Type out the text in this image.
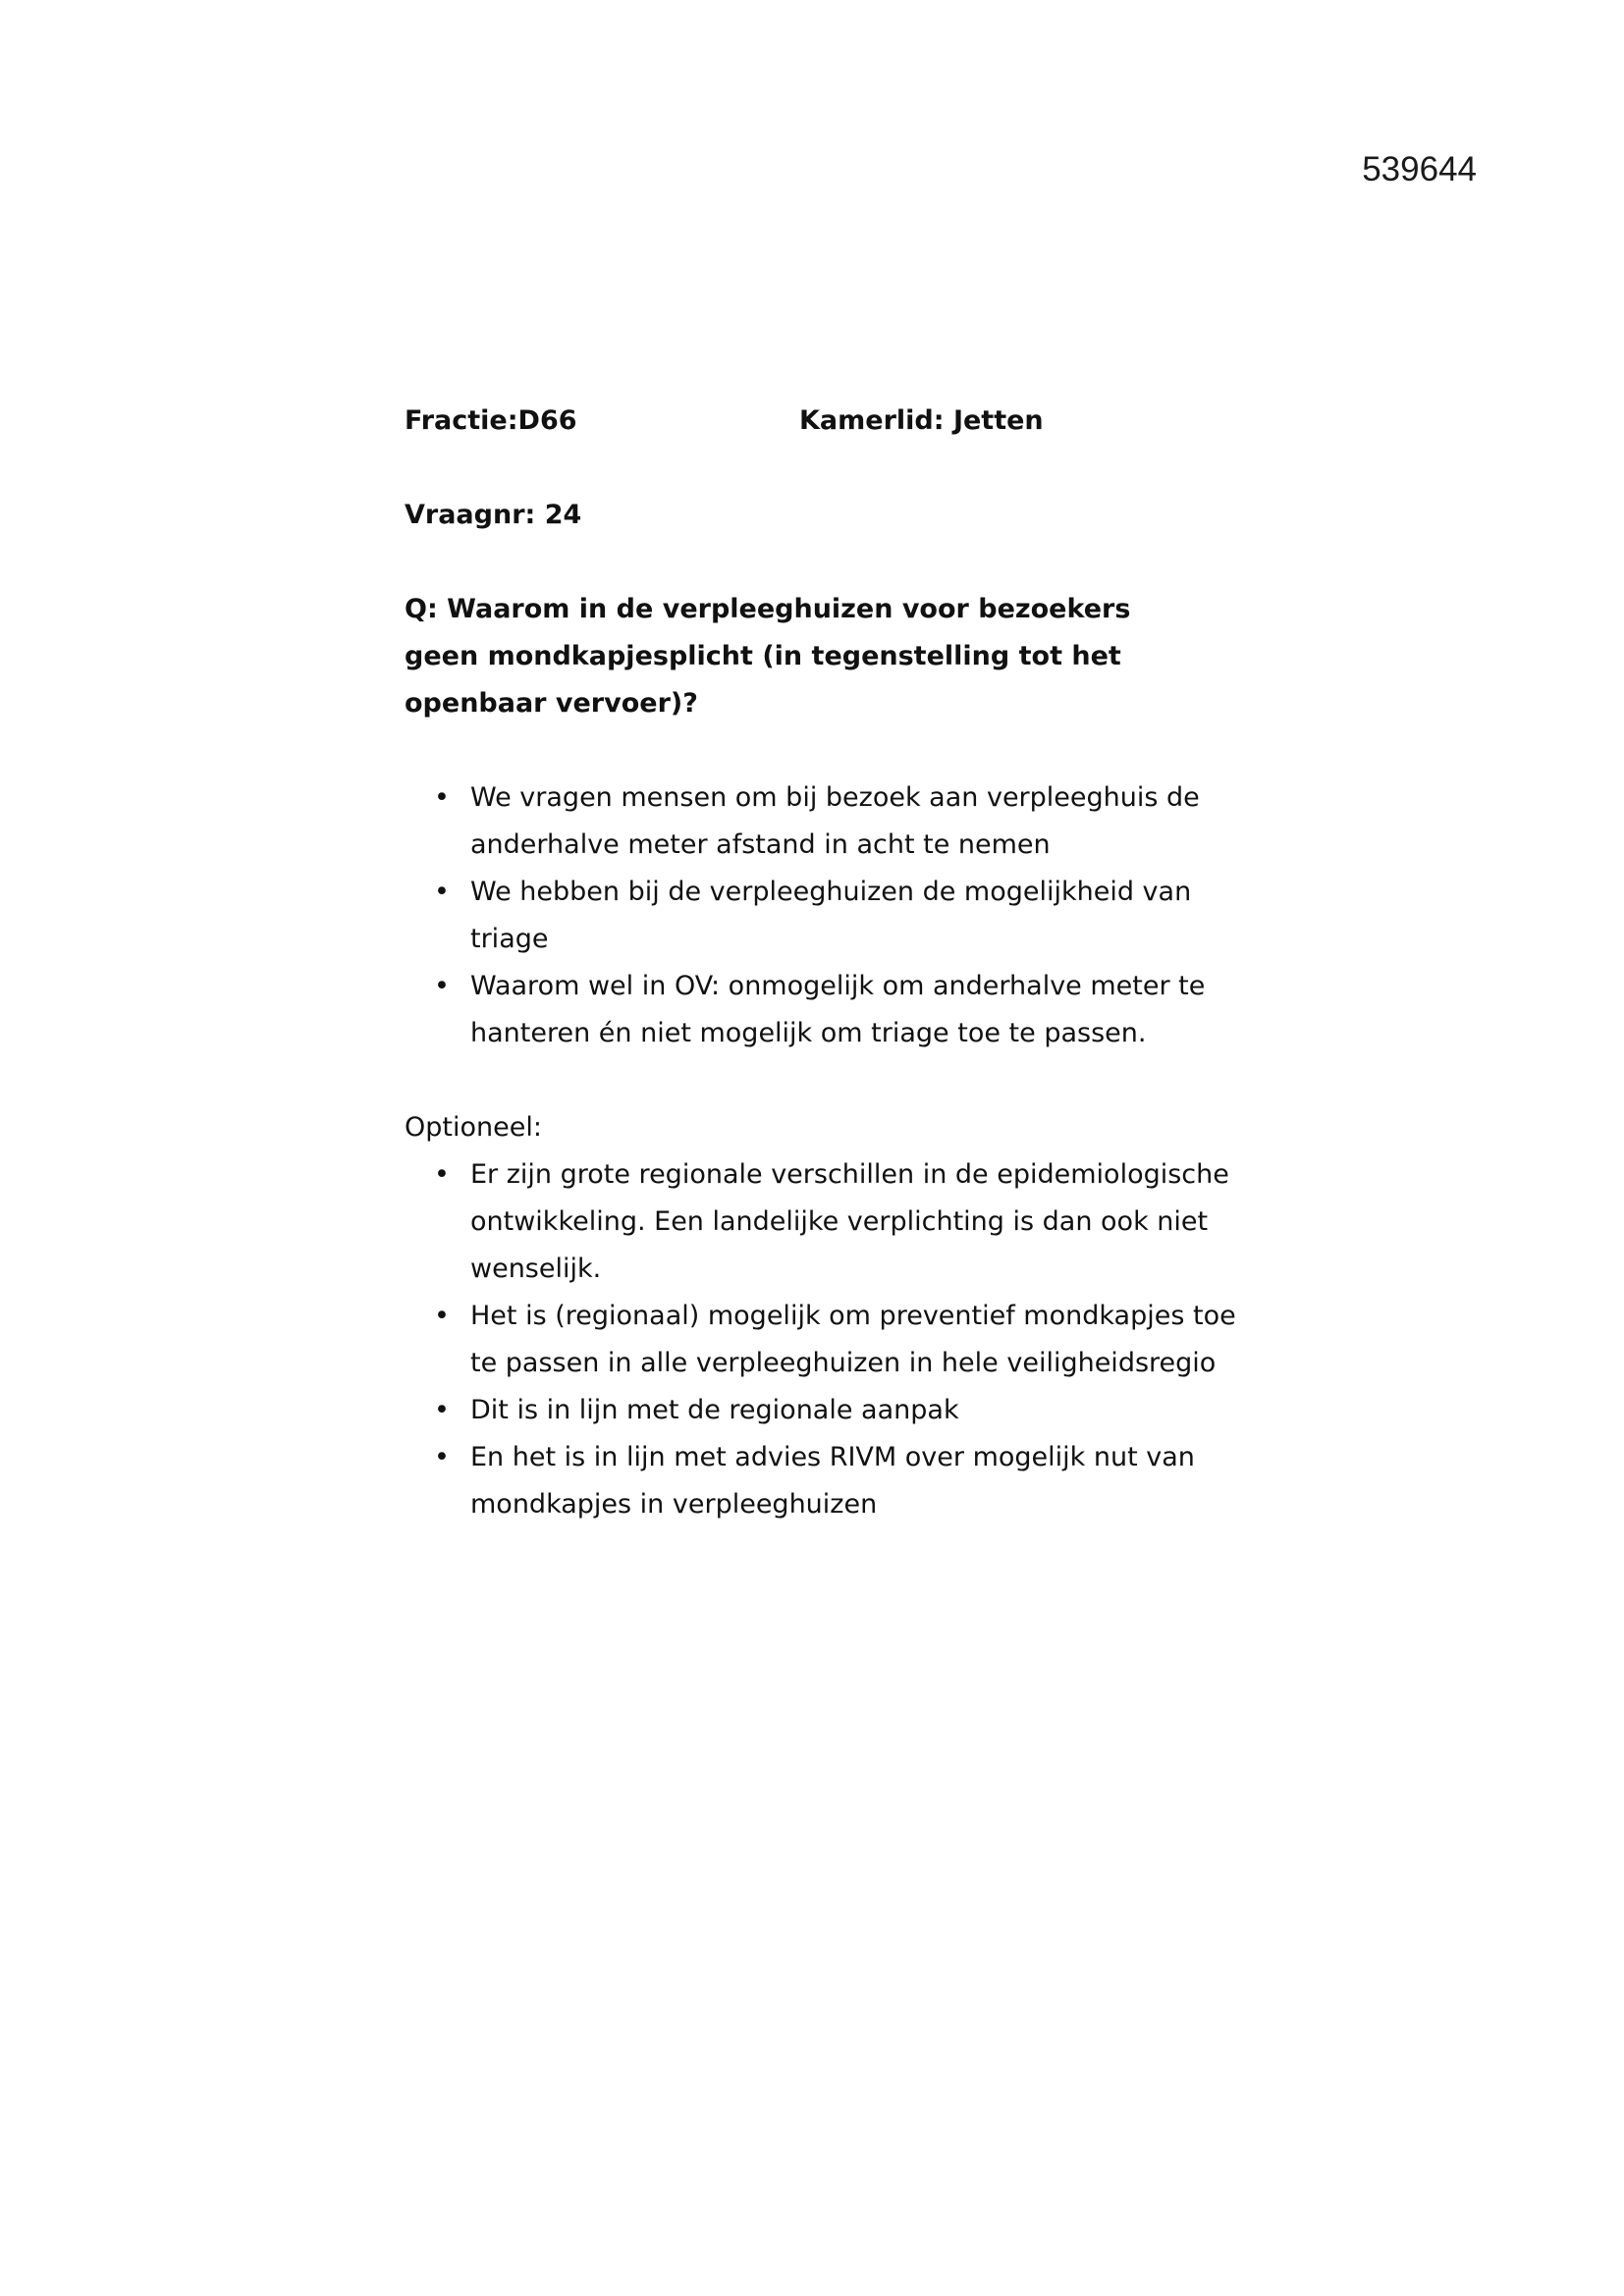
539644
Fractie:D66	Kamerlid: Jetten
Vraagnr: 24
Q: Waarom in de verpleeghuizen voor bezoekers geen mondkapjesplicht (in tegenstelling tot het openbaar vervoer)?
• We vragen mensen om bij bezoek aan verpleeghuis de anderhalve meter afstand in acht te nemen
• We hebben bij de verpleeghuizen de mogelijkheid van triage
• Waarom wel in OV: onmogelijk om anderhalve meter te hanteren én niet mogelijk om triage toe te passen.
Optioneel:
• Er zijn grote regionale verschillen in de epidemiologische ontwikkeling. Een landelijke verplichting is dan ook niet wenselijk.
• Het is (regionaal) mogelijk om preventief mondkapjes toe te passen in alle verpleeghuizen in hele veiligheidsregio
• Dit is in lijn met de regionale aanpak
• En het is in lijn met advies RIVM over mogelijk nut van mondkapjes in verpleeghuizen
